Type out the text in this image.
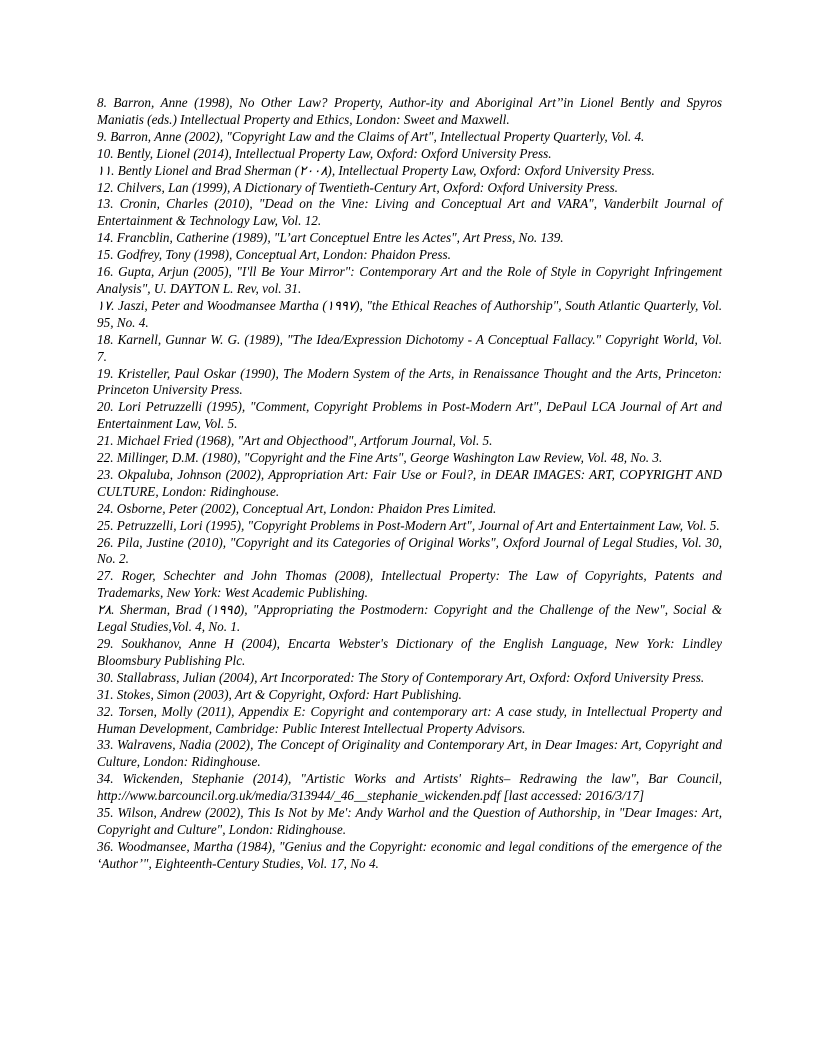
8. Barron, Anne (1998), No Other Law? Property, Author-ity and Aboriginal Art’’in Lionel Bently and Spyros Maniatis (eds.) Intellectual Property and Ethics, London: Sweet and Maxwell.

9. Barron, Anne (2002), "Copyright Law and the Claims of Art", Intellectual Property Quarterly, Vol. 4.

10. Bently, Lionel (2014), Intellectual Property Law, Oxford: Oxford University Press.

١١. Bently Lionel and Brad Sherman (٢٠٠٨), Intellectual Property Law, Oxford: Oxford University Press.

12. Chilvers, Lan (1999), A Dictionary of Twentieth-Century Art, Oxford: Oxford University Press.

13. Cronin, Charles (2010), "Dead on the Vine: Living and Conceptual Art and VARA", Vanderbilt Journal of Entertainment & Technology Law, Vol. 12.

14. Francblin, Catherine (1989), "L’art Conceptuel Entre les Actes", Art Press, No. 139.

15. Godfrey, Tony (1998), Conceptual Art, London: Phaidon Press.

16. Gupta, Arjun (2005), "I'll Be Your Mirror": Contemporary Art and the Role of Style in Copyright Infringement Analysis", U. DAYTON L. Rev, vol. 31.

١٧. Jaszi, Peter and Woodmansee Martha (١٩٩٧), "the Ethical Reaches of Authorship", South Atlantic Quarterly, Vol. 95, No. 4.

18. Karnell, Gunnar W. G. (1989), "The Idea/Expression Dichotomy - A Conceptual Fallacy." Copyright World, Vol. 7.

19. Kristeller, Paul Oskar (1990), The Modern System of the Arts, in Renaissance Thought and the Arts, Princeton: Princeton University Press.

20. Lori Petruzzelli (1995), "Comment, Copyright Problems in Post-Modern Art", DePaul LCA Journal of Art and Entertainment Law, Vol. 5.

21. Michael Fried (1968), "Art and Objecthood", Artforum Journal, Vol. 5.

22. Millinger, D.M. (1980), "Copyright and the Fine Arts", George Washington Law Review, Vol. 48, No. 3.

23. Okpaluba, Johnson (2002), Appropriation Art: Fair Use or Foul?, in DEAR IMAGES: ART, COPYRIGHT AND CULTURE, London: Ridinghouse.

24. Osborne, Peter (2002), Conceptual Art, London: Phaidon Pres Limited.

25. Petruzzelli, Lori (1995), "Copyright Problems in Post-Modern Art", Journal of Art and Entertainment Law, Vol. 5.

26. Pila, Justine (2010), "Copyright and its Categories of Original Works", Oxford Journal of Legal Studies, Vol. 30, No. 2.

27. Roger, Schechter and John Thomas (2008), Intellectual Property: The Law of Copyrights, Patents and Trademarks, New York: West Academic Publishing.

٢٨. Sherman, Brad (١٩٩٥), "Appropriating the Postmodern: Copyright and the Challenge of the New", Social & Legal Studies,Vol. 4, No. 1.

29. Soukhanov, Anne H (2004), Encarta Webster's Dictionary of the English Language, New York: Lindley Bloomsbury Publishing Plc.

30. Stallabrass, Julian (2004), Art Incorporated: The Story of Contemporary Art, Oxford: Oxford University Press.

31. Stokes, Simon (2003), Art & Copyright, Oxford: Hart Publishing.

32. Torsen, Molly (2011), Appendix E: Copyright and contemporary art: A case study, in Intellectual Property and Human Development, Cambridge: Public Interest Intellectual Property Advisors.

33. Walravens, Nadia (2002), The Concept of Originality and Contemporary Art, in Dear Images: Art, Copyright and Culture, London: Ridinghouse.

34. Wickenden, Stephanie (2014), "Artistic Works and Artists' Rights– Redrawing the law", Bar Council, http://www.barcouncil.org.uk/media/313944/_46__stephanie_wickenden.pdf [last accessed: 2016/3/17]

35. Wilson, Andrew (2002), This Is Not by Me': Andy Warhol and the Question of Authorship, in "Dear Images: Art, Copyright and Culture", London: Ridinghouse.

36. Woodmansee, Martha (1984), "Genius and the Copyright: economic and legal conditions of the emergence of the ‘Author’", Eighteenth-Century Studies, Vol. 17, No 4.
